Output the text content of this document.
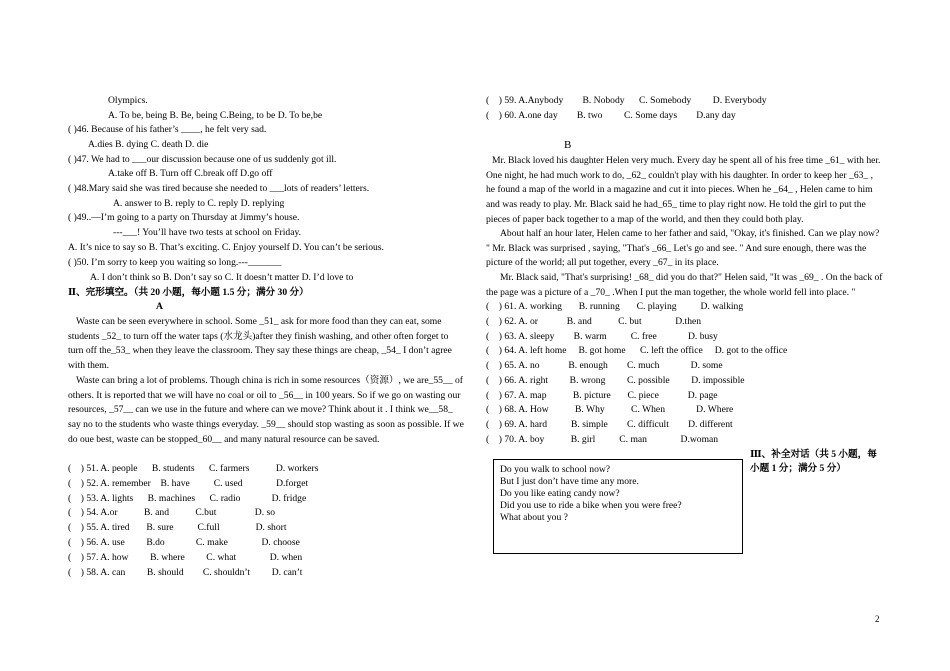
Olympics.
A. To be, being B. Be, being C.Being, to be D. To be,be
( )46. Because of his father’s ____, he felt very sad.
A.dies B. dying C. death D. die
( )47. We had to ___our discussion because one of us suddenly got ill.
A.take off B. Turn off C.break off D.go off
( )48.Mary said she was tired because she needed to ___lots of readers’ letters.
A. answer to B. reply to C. reply D. replying
( )49..—I’m going to a party on Thursday at Jimmy’s house.
---___! You’ll have two tests at school on Friday.
A. It’s nice to say so B. That’s exciting. C. Enjoy yourself D. You can’t be serious.
( )50. I’m sorry to keep you waiting so long.---_______
A. I don’t think so B. Don’t say so C. It doesn’t matter D. I’d love to
Ⅱ、完形填空。（共 20 小题，每小题 1.5 分；满分 30 分）
A
Waste can be seen everywhere in school. Some _51_ ask for more food than they can eat, some students _52_ to turn off the water taps (水龙头)after they finish washing, and other often forget to turn off the_53_ when they leave the classroom. They say these things are cheap, _54_ I don’t agree with them.
Waste can bring a lot of problems. Though china is rich in some resources（资源）, we are_55__ of others. It is reported that we will have no coal or oil to _56__ in 100 years. So if we go on wasting our resources, _57__ can we use in the future and where can we move? Think about it . I think we__58_ say no to the students who waste things everyday. _59__ should stop wasting as soon as possible. If we do oue best, waste can be stopped_60__ and many natural resource can be saved.
(    ) 51. A. people      B. students      C. farmers           D. workers
(    ) 52. A. remember    B. have          C. used              D.forget
(    ) 53. A. lights      B. machines      C. radio             D. fridge
(    ) 54. A.or           B. and           C.but                D. so
(    ) 55. A. tired       B. sure          C.full               D. short
(    ) 56. A. use         B.do             C. make              D. choose
(    ) 57. A. how         B. where         C. what              D. when
(    ) 58. A. can         B. should        C. shouldn’t         D. can’t
(    ) 59. A.Anybody        B. Nobody      C. Somebody         D. Everybody
(    ) 60. A.one day        B. two         C. Some days        D.any day
B
Mr. Black loved his daughter Helen very much. Every day he spent all of his free time _61_ with her. One night, he had much work to do, _62_ couldn't play with his daughter. In order to keep her _63_ , he found a map of the world in a magazine and cut it into pieces. When he _64_ , Helen came to him and was ready to play. Mr. Black said he had_65_ time to play right now. He told the girl to put the pieces of paper back together to a map of the world, and then they could both play.
About half an hour later, Helen came to her father and said, "Okay, it's finished. Can we play now? " Mr. Black was surprised , saying, "That's _66_ Let's go and see. " And sure enough, there was the picture of the world; all put together, every _67_ in its place.
Mr. Black said, "That's surprising! _68_ did you do that?" Helen said, "It was _69_ . On the back of the page was a picture of a _70_ .When I put the man together, the whole world fell into place. "
(    ) 61. A. working       B. running       C. playing          D. walking
(    ) 62. A. or            B. and           C. but              D.then
(    ) 63. A. sleepy        B. warm          C. free             D. busy
(    ) 64. A. left home     B. got home      C. left the office     D. got to the office
(    ) 65. A. no            B. enough        C. much             D. some
(    ) 66. A. right         B. wrong         C. possible         D. impossible
(    ) 67. A. map           B. picture       C. piece            D. page
(    ) 68. A. How           B. Why           C. When             D. Where
(    ) 69. A. hard          B. simple        C. difficult        D. different
(    ) 70. A. boy           B. girl          C. man              D.woman
Ⅲ、补全对话（共 5 小题，每小题 1 分；满分 5 分）
Do you walk to school now?
But I just don’t have time any more.
Do you like eating candy now?
Did you use to ride a bike when you were free?
What about you ?
2
